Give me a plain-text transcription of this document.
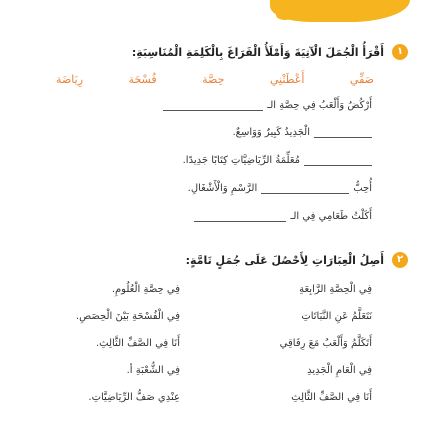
١
أَقْرَأُ الْجُمَلَ الْآتِيَةَ وَأَمْلَأُ الْفَرَاغَ بِالْكَلِمَةِ الْمُنَاسِبَةِ:
صَفِّي
أَعْطَتْنِي
حِصَّة
فُسْحَة
رِيَاضَة
أَرْكُضُ وَأَلْعَبُ فِي حِصَّةِ الـ
الْجَدِيدُ كَبِيرٌ وَوَاسِعٌ.
مُعَلِّمَةُ الرِّيَاضِيَّاتِ كِتَابًا جَدِيدًا.
أُحِبُّ
الرَّسْمِ وَالْأَشْغَالِ.
أَكَلْتُ طَعَامِي فِي الـ
٢
أَصِلُ الْعِبَارَاتِ لِأَحْصُلَ عَلَى جُمَلٍ تَامَّةٍ:
فِي الْحِصَّةِ الرَّابِعَةِ
نَتَعَلَّمُ عَنِ النَّبَاتَاتِ
أَتَكَلَّمُ وَأَلْعَبُ مَعَ رِفَاقِي
فِي الْعَامِ الْجَدِيدِ
أَنَا فِي الصَّفِّ الثَّالِثِ
فِي حِصَّةِ الْعُلُومِ.
فِي الْفُسْحَةِ بَيْنَ الْحِصَصِ.
أَنَا فِي الصَّفِّ الثَّالِثِ.
فِي الشُّعْبَةِ أ.
عِنْدِي صَفُّ الرِّيَاضِيَّاتِ.
